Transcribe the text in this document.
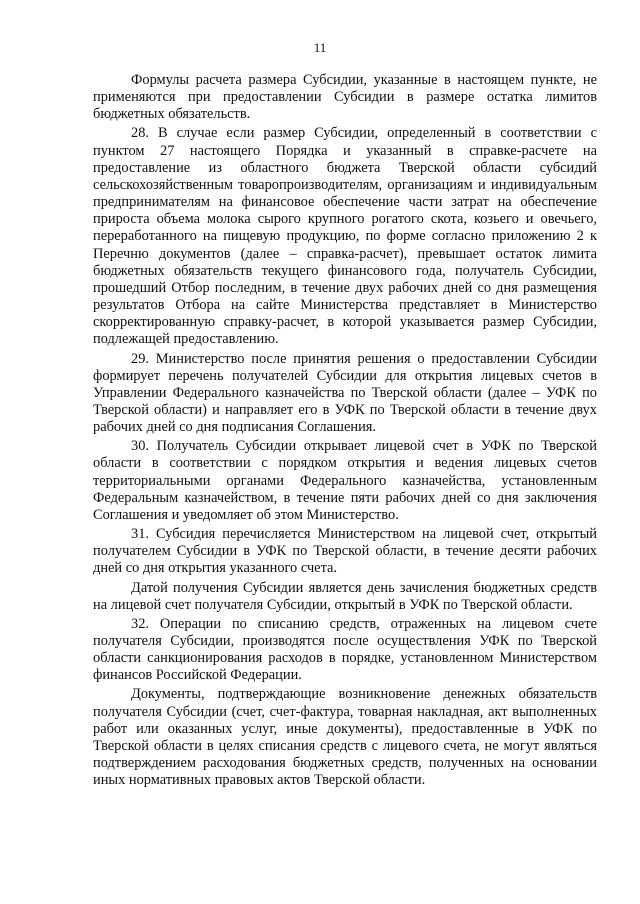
11

Формулы расчета размера Субсидии, указанные в настоящем пункте, не применяются при предоставлении Субсидии в размере остатка лимитов бюджетных обязательств.

28. В случае если размер Субсидии, определенный в соответствии с пунктом 27 настоящего Порядка и указанный в справке-расчете на предоставление из областного бюджета Тверской области субсидий сельскохозяйственным товаропроизводителям, организациям и индивидуальным предпринимателям на финансовое обеспечение части затрат на обеспечение прироста объема молока сырого крупного рогатого скота, козьего и овечьего, переработанного на пищевую продукцию, по форме согласно приложению 2 к Перечню документов (далее – справка-расчет), превышает остаток лимита бюджетных обязательств текущего финансового года, получатель Субсидии, прошедший Отбор последним, в течение двух рабочих дней со дня размещения результатов Отбора на сайте Министерства представляет в Министерство скорректированную справку-расчет, в которой указывается размер Субсидии, подлежащей предоставлению.

29. Министерство после принятия решения о предоставлении Субсидии формирует перечень получателей Субсидии для открытия лицевых счетов в Управлении Федерального казначейства по Тверской области (далее – УФК по Тверской области) и направляет его в УФК по Тверской области в течение двух рабочих дней со дня подписания Соглашения.

30. Получатель Субсидии открывает лицевой счет в УФК по Тверской области в соответствии с порядком открытия и ведения лицевых счетов территориальными органами Федерального казначейства, установленным Федеральным казначейством, в течение пяти рабочих дней со дня заключения Соглашения и уведомляет об этом Министерство.

31. Субсидия перечисляется Министерством на лицевой счет, открытый получателем Субсидии в УФК по Тверской области, в течение десяти рабочих дней со дня открытия указанного счета.

Датой получения Субсидии является день зачисления бюджетных средств на лицевой счет получателя Субсидии, открытый в УФК по Тверской области.

32. Операции по списанию средств, отраженных на лицевом счете получателя Субсидии, производятся после осуществления УФК по Тверской области санкционирования расходов в порядке, установленном Министерством финансов Российской Федерации.

Документы, подтверждающие возникновение денежных обязательств получателя Субсидии (счет, счет-фактура, товарная накладная, акт выполненных работ или оказанных услуг, иные документы), предоставленные в УФК по Тверской области в целях списания средств с лицевого счета, не могут являться подтверждением расходования бюджетных средств, полученных на основании иных нормативных правовых актов Тверской области.
